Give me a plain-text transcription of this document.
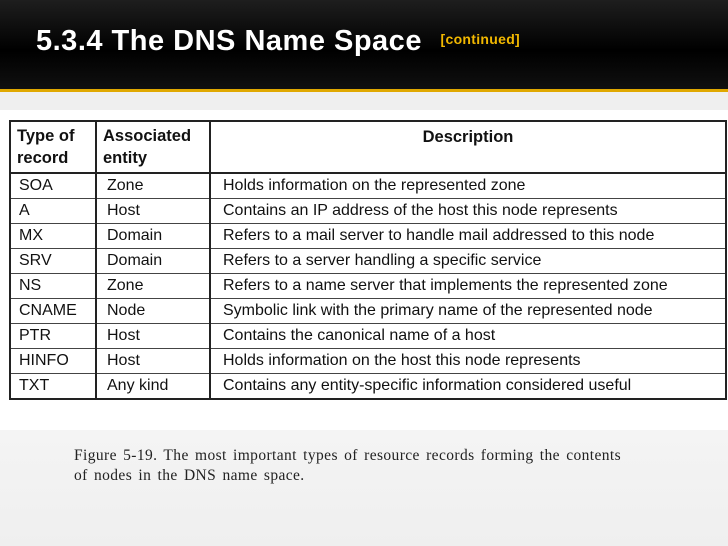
5.3.4 The DNS Name Space [continued]
Type of record	Associated entity	Description
SOA	Zone	Holds information on the represented zone
A	Host	Contains an IP address of the host this node represents
MX	Domain	Refers to a mail server to handle mail addressed to this node
SRV	Domain	Refers to a server handling a specific service
NS	Zone	Refers to a name server that implements the represented zone
CNAME	Node	Symbolic link with the primary name of the represented node
PTR	Host	Contains the canonical name of a host
HINFO	Host	Holds information on the host this node represents
TXT	Any kind	Contains any entity-specific information considered useful
Figure 5-19. The most important types of resource records forming the contents
of nodes in the DNS name space.
